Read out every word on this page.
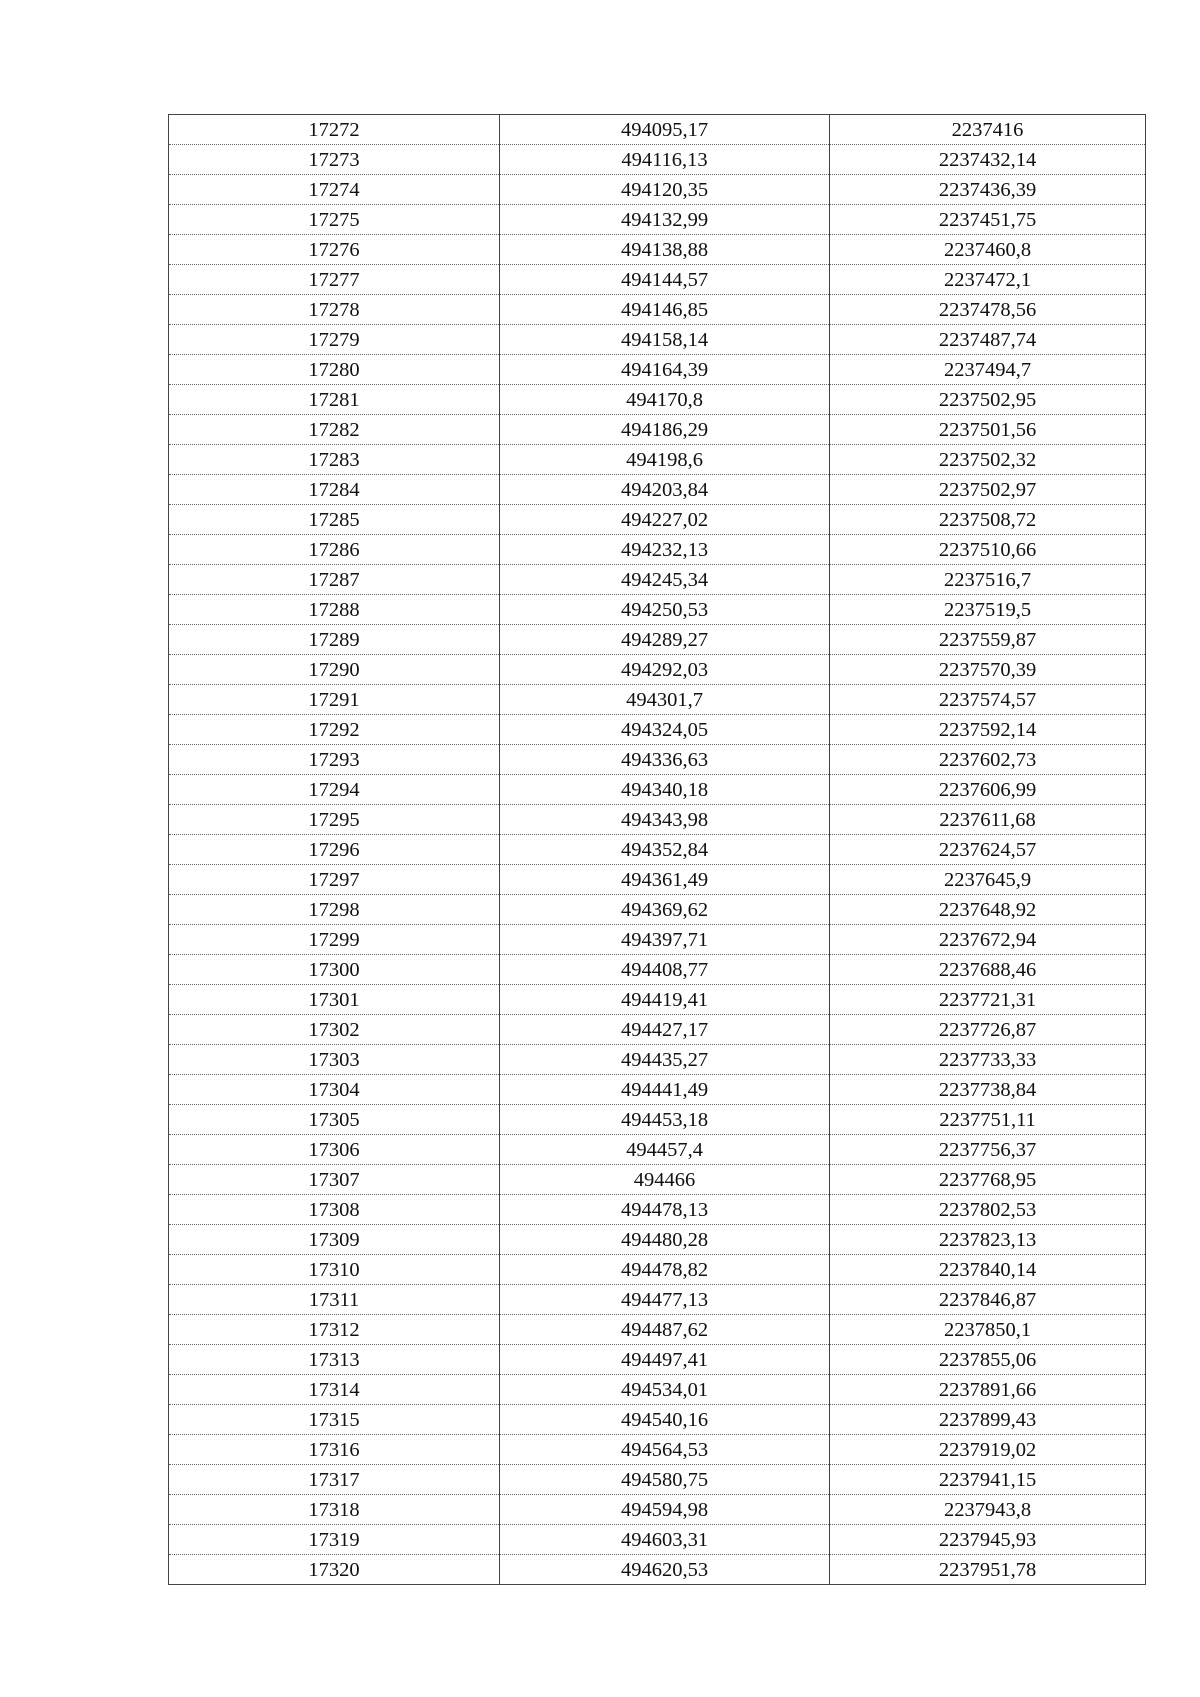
17272	494095,17	2237416
17273	494116,13	2237432,14
17274	494120,35	2237436,39
17275	494132,99	2237451,75
17276	494138,88	2237460,8
17277	494144,57	2237472,1
17278	494146,85	2237478,56
17279	494158,14	2237487,74
17280	494164,39	2237494,7
17281	494170,8	2237502,95
17282	494186,29	2237501,56
17283	494198,6	2237502,32
17284	494203,84	2237502,97
17285	494227,02	2237508,72
17286	494232,13	2237510,66
17287	494245,34	2237516,7
17288	494250,53	2237519,5
17289	494289,27	2237559,87
17290	494292,03	2237570,39
17291	494301,7	2237574,57
17292	494324,05	2237592,14
17293	494336,63	2237602,73
17294	494340,18	2237606,99
17295	494343,98	2237611,68
17296	494352,84	2237624,57
17297	494361,49	2237645,9
17298	494369,62	2237648,92
17299	494397,71	2237672,94
17300	494408,77	2237688,46
17301	494419,41	2237721,31
17302	494427,17	2237726,87
17303	494435,27	2237733,33
17304	494441,49	2237738,84
17305	494453,18	2237751,11
17306	494457,4	2237756,37
17307	494466	2237768,95
17308	494478,13	2237802,53
17309	494480,28	2237823,13
17310	494478,82	2237840,14
17311	494477,13	2237846,87
17312	494487,62	2237850,1
17313	494497,41	2237855,06
17314	494534,01	2237891,66
17315	494540,16	2237899,43
17316	494564,53	2237919,02
17317	494580,75	2237941,15
17318	494594,98	2237943,8
17319	494603,31	2237945,93
17320	494620,53	2237951,78
